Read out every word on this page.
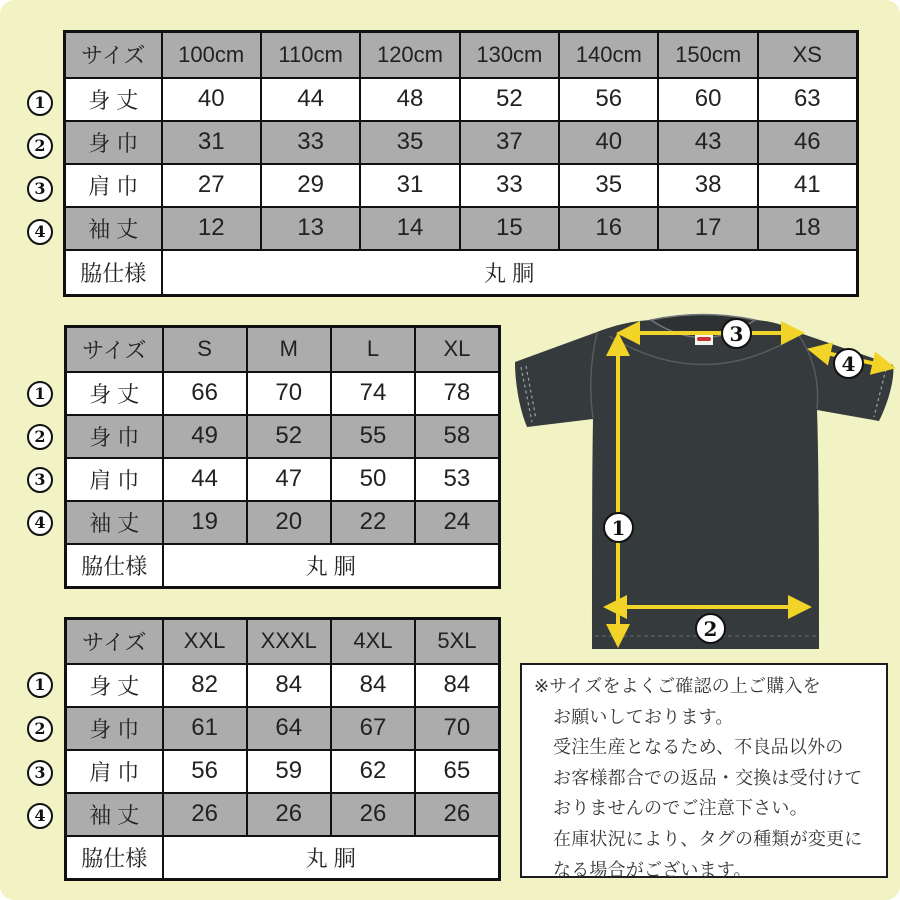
サイズ	100cm	110cm	120cm	130cm	140cm	150cm	XS
身 丈	40	44	48	52	56	60	63
身 巾	31	33	35	37	40	43	46
肩 巾	27	29	31	33	35	38	41
袖 丈	12	13	14	15	16	17	18
脇仕様	丸 胴						
1
2
3
4
サイズ	S	M	L	XL
身 丈	66	70	74	78
身 巾	49	52	55	58
肩 巾	44	47	50	53
袖 丈	19	20	22	24
脇仕様	丸 胴			
1
2
3
4
サイズ	XXL	XXXL	4XL	5XL
身 丈	82	84	84	84
身 巾	61	64	67	70
肩 巾	56	59	62	65
袖 丈	26	26	26	26
脇仕様	丸 胴			
1
2
3
4
1
2
3
4

※サイズをよくご確認の上ご購入を

お願いしております。

受注生産となるため、不良品以外の

お客様都合での返品・交換は受付けて

おりませんのでご注意下さい。

在庫状況により、タグの種類が変更に

なる場合がございます。
